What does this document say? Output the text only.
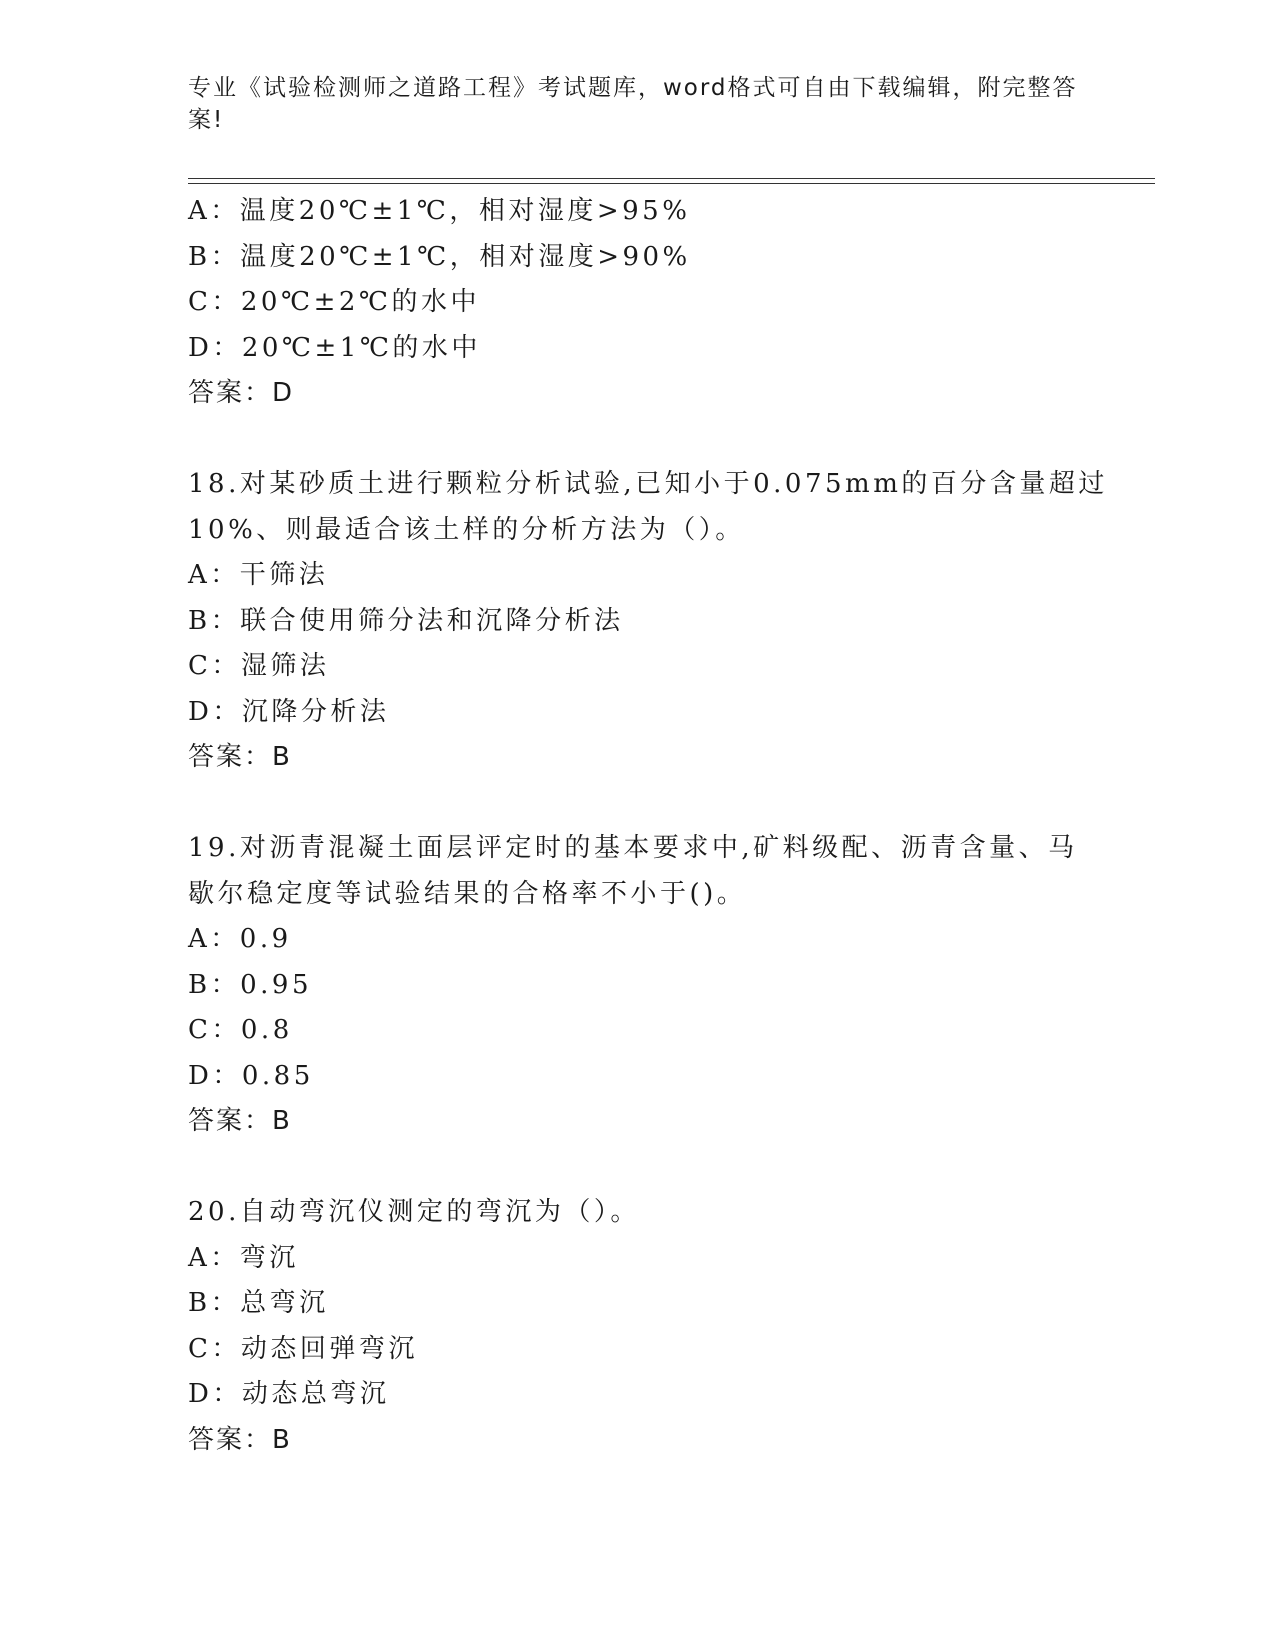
专业《试验检测师之道路工程》考试题库，word格式可自由下载编辑，附完整答
案!
A：温度20℃±1℃，相对湿度>95%
B：温度20℃±1℃，相对湿度>90%
C：20℃±2℃的水中
D：20℃±1℃的水中
答案：D
18.对某砂质土进行颗粒分析试验,已知小于0.075mm的百分含量超过
10%、则最适合该土样的分析方法为（）。
A：干筛法
B：联合使用筛分法和沉降分析法
C：湿筛法
D：沉降分析法
答案：B
19.对沥青混凝土面层评定时的基本要求中,矿料级配、沥青含量、马
歇尔稳定度等试验结果的合格率不小于()。
A：0.9
B：0.95
C：0.8
D：0.85
答案：B
20.自动弯沉仪测定的弯沉为（）。
A：弯沉
B：总弯沉
C：动态回弹弯沉
D：动态总弯沉
答案：B
